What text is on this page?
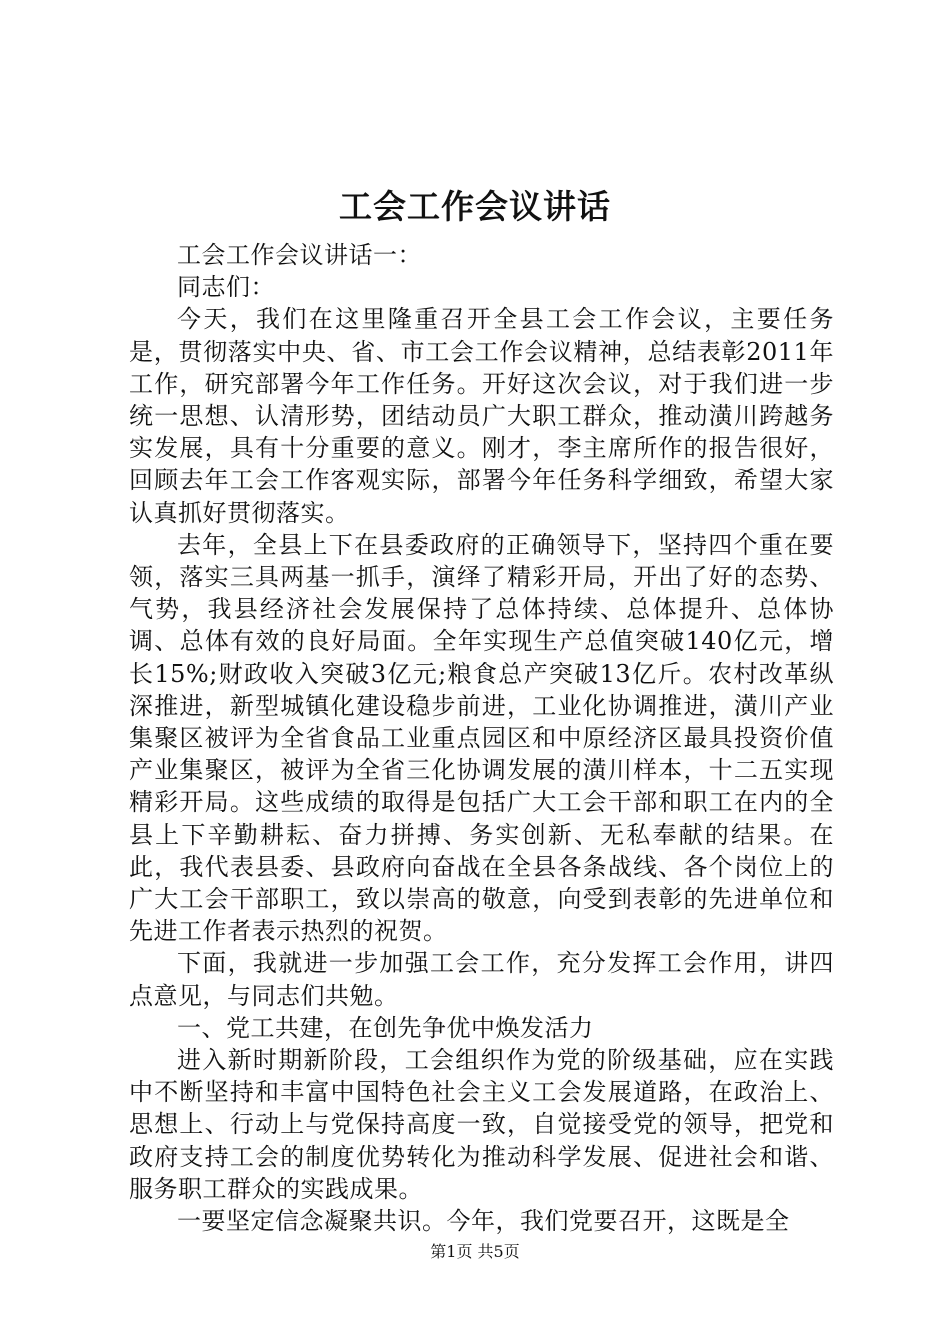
工会工作会议讲话

工会工作会议讲话一：

同志们：

今天，我们在这里隆重召开全县工会工作会议，主要任务是，贯彻落实中央、省、市工会工作会议精神，总结表彰2011年工作，研究部署今年工作任务。开好这次会议，对于我们进一步统一思想、认清形势，团结动员广大职工群众，推动潢川跨越务实发展，具有十分重要的意义。刚才，李主席所作的报告很好，回顾去年工会工作客观实际，部署今年任务科学细致，希望大家认真抓好贯彻落实。

去年，全县上下在县委政府的正确领导下，坚持四个重在要领，落实三具两基一抓手，演绎了精彩开局，开出了好的态势、气势，我县经济社会发展保持了总体持续、总体提升、总体协调、总体有效的良好局面。全年实现生产总值突破140亿元，增长15%;财政收入突破3亿元;粮食总产突破13亿斤。农村改革纵深推进，新型城镇化建设稳步前进，工业化协调推进，潢川产业集聚区被评为全省食品工业重点园区和中原经济区最具投资价值产业集聚区，被评为全省三化协调发展的潢川样本，十二五实现精彩开局。这些成绩的取得是包括广大工会干部和职工在内的全县上下辛勤耕耘、奋力拼搏、务实创新、无私奉献的结果。在此，我代表县委、县政府向奋战在全县各条战线、各个岗位上的广大工会干部职工，致以崇高的敬意，向受到表彰的先进单位和先进工作者表示热烈的祝贺。

下面，我就进一步加强工会工作，充分发挥工会作用，讲四点意见，与同志们共勉。

一、党工共建，在创先争优中焕发活力

进入新时期新阶段，工会组织作为党的阶级基础，应在实践中不断坚持和丰富中国特色社会主义工会发展道路，在政治上、思想上、行动上与党保持高度一致，自觉接受党的领导，把党和政府支持工会的制度优势转化为推动科学发展、促进社会和谐、服务职工群众的实践成果。

一要坚定信念凝聚共识。今年，我们党要召开，这既是全

第1页 共5页
